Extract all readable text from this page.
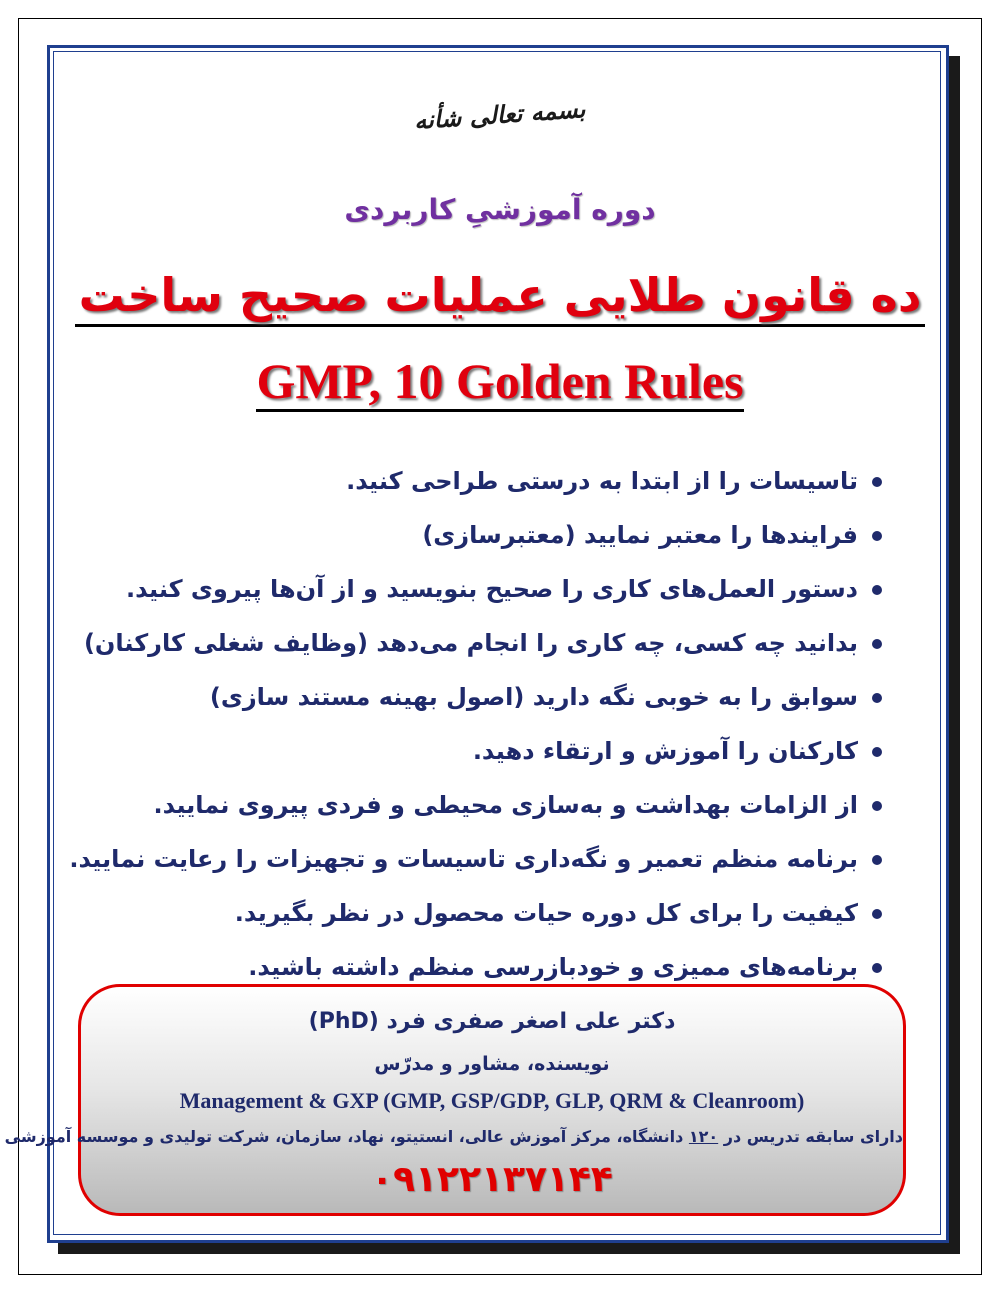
بسمه تعالی شأنه
دوره آموزشیِ کاربردی
ده قانون طلایی عملیات صحیح ساخت
GMP, 10 Golden Rules
تاسیسات را از ابتدا به درستی طراحی کنید.
فرایندها را معتبر نمایید (معتبرسازی)
دستور العمل‌های کاری را صحیح بنویسید و از آن‌ها پیروی کنید.
بدانید چه کسی، چه کاری را انجام می‌دهد (وظایف شغلی کارکنان)
سوابق را به خوبی نگه دارید (اصول بهینه مستند سازی)
کارکنان را آموزش و ارتقاء دهید.
از الزامات بهداشت و به‌سازی محیطی و فردی پیروی نمایید.
برنامه منظم تعمیر و نگه‌داری تاسیسات و تجهیزات را رعایت نمایید.
کیفیت را برای کل دوره حیات محصول در نظر بگیرید.
برنامه‌های ممیزی و خودبازرسی منظم داشته باشید.
دکتر علی اصغر صفری فرد (PhD)
نویسنده، مشاور و مدرّس
Management & GXP (GMP, GSP/GDP, GLP, QRM & Cleanroom)
دارای سابقه تدریس در ۱۲۰ دانشگاه، مرکز آموزش عالی، انستیتو، نهاد، سازمان، شرکت تولیدی و موسسه آموزشی
۰۹۱۲۲۱۳۷۱۴۴
